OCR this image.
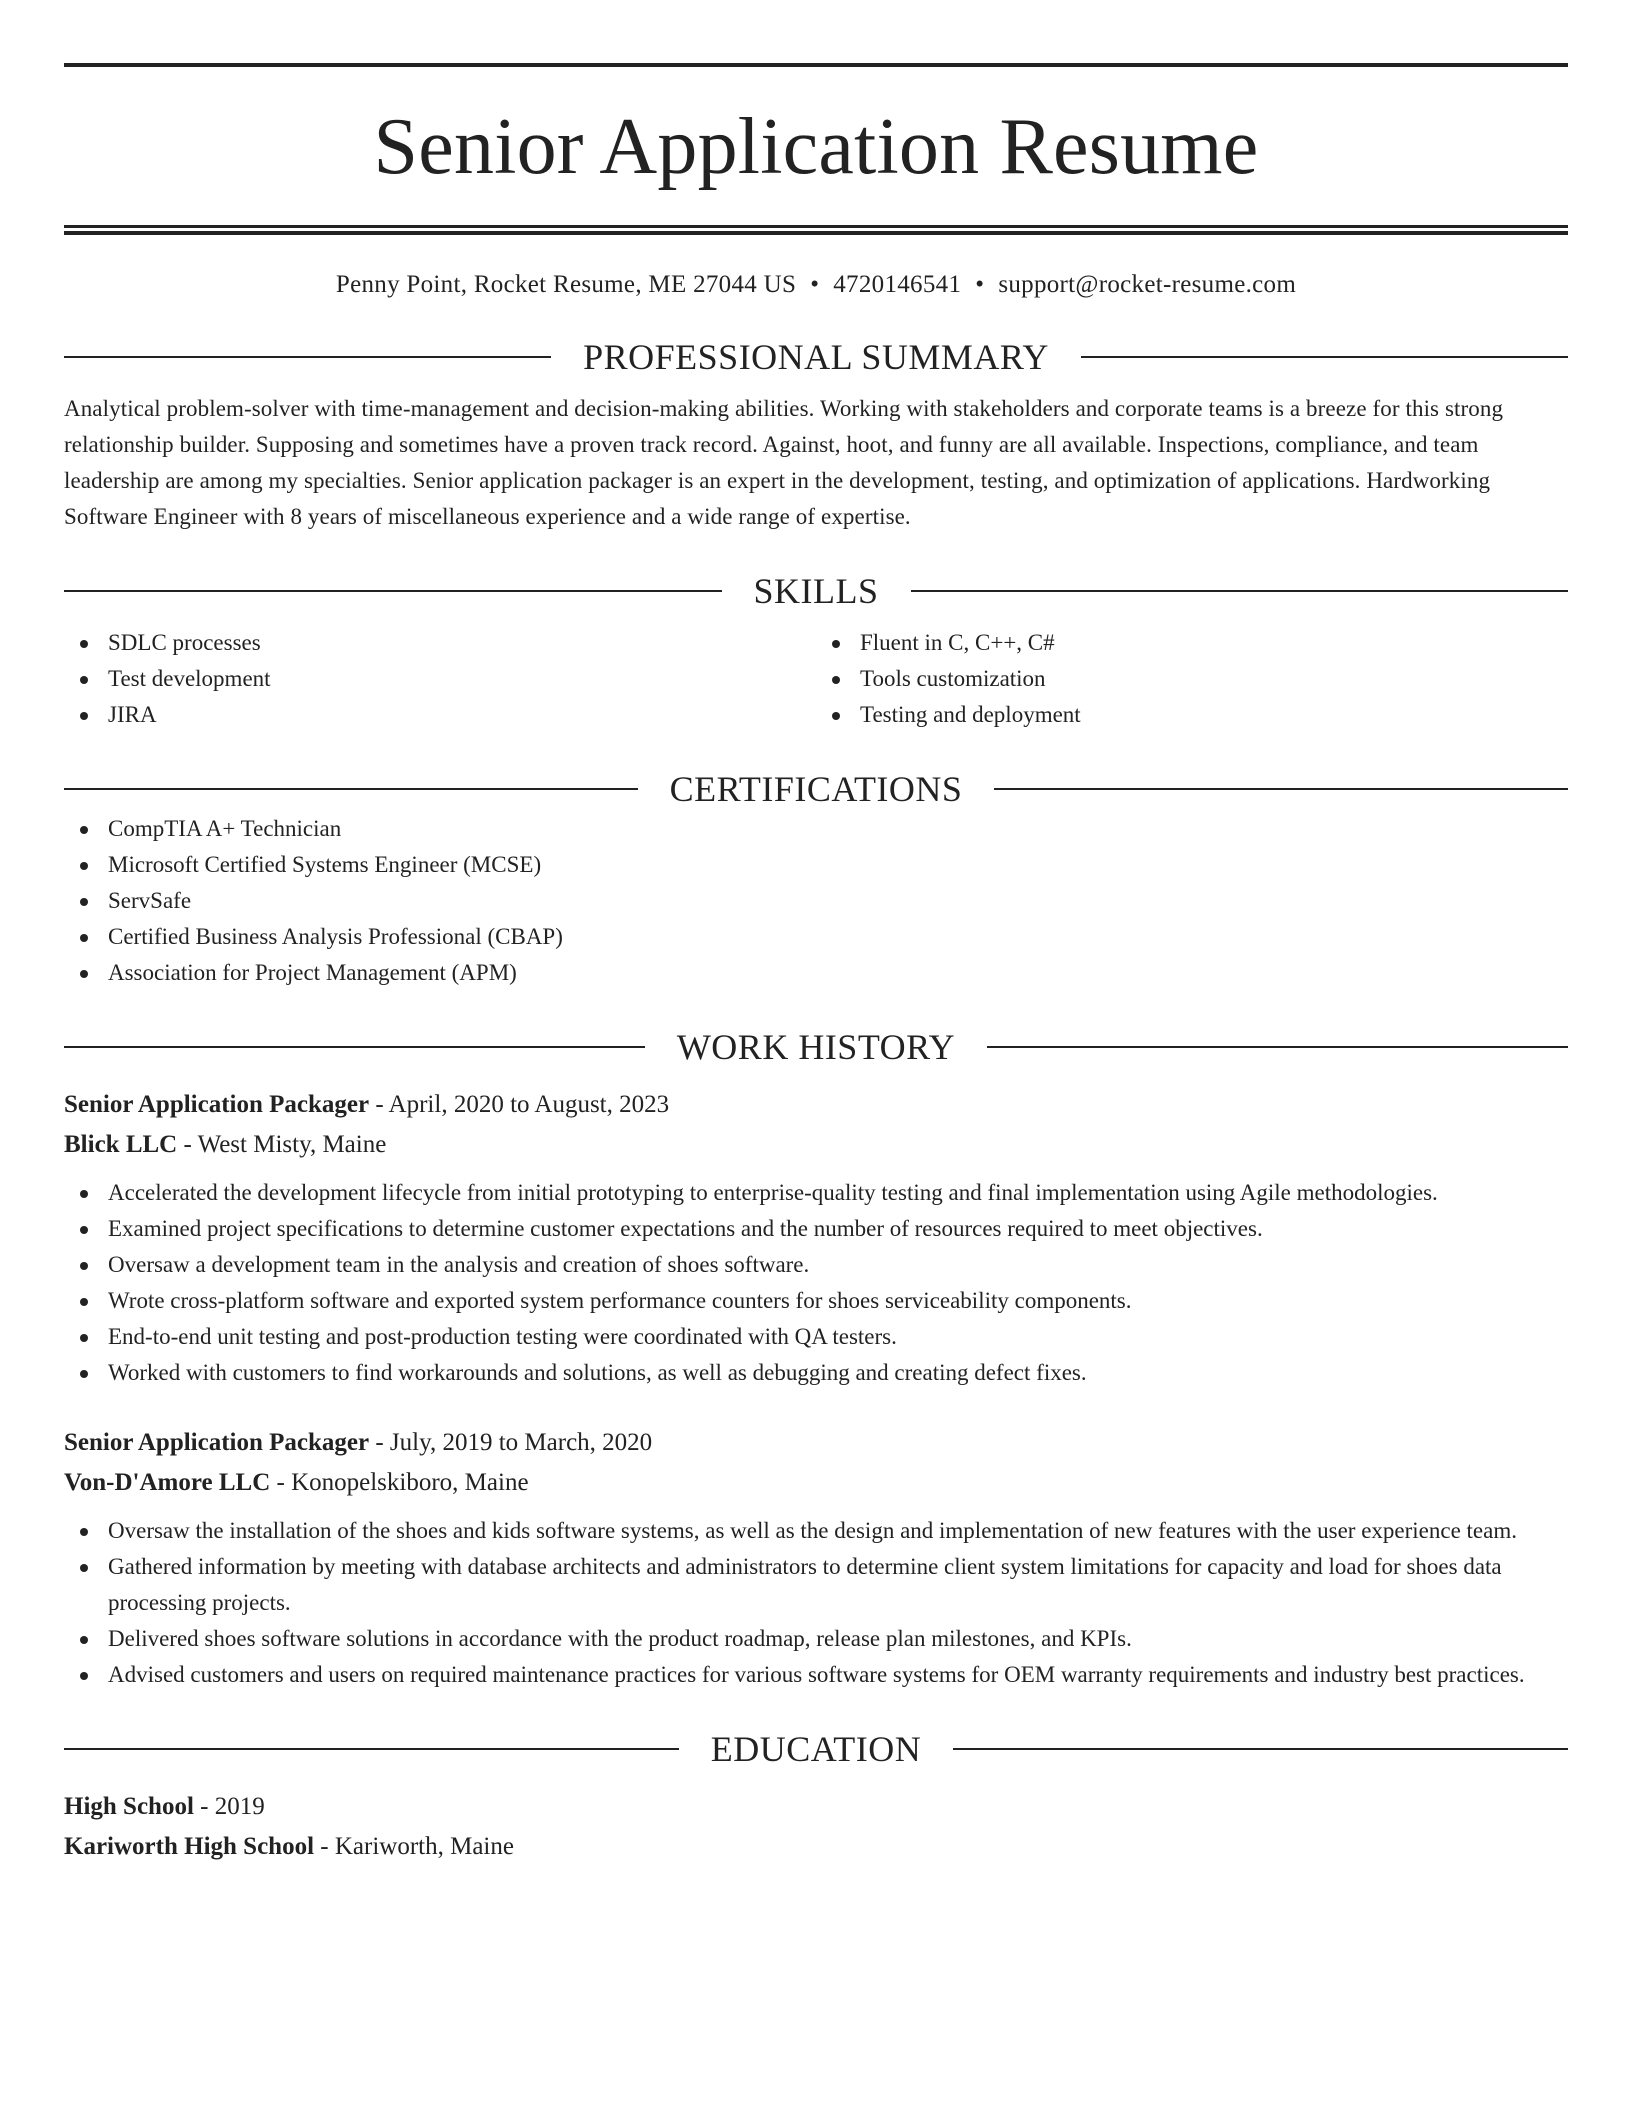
Senior Application Resume
Penny Point, Rocket Resume, ME 27044 US • 4720146541 • support@rocket-resume.com
PROFESSIONAL SUMMARY
Analytical problem-solver with time-management and decision-making abilities. Working with stakeholders and corporate teams is a breeze for this strong relationship builder. Supposing and sometimes have a proven track record. Against, hoot, and funny are all available. Inspections, compliance, and team leadership are among my specialties. Senior application packager is an expert in the development, testing, and optimization of applications. Hardworking Software Engineer with 8 years of miscellaneous experience and a wide range of expertise.
SKILLS
SDLC processes
Test development
JIRA
Fluent in C, C++, C#
Tools customization
Testing and deployment
CERTIFICATIONS
CompTIA A+ Technician
Microsoft Certified Systems Engineer (MCSE)
ServSafe
Certified Business Analysis Professional (CBAP)
Association for Project Management (APM)
WORK HISTORY
Senior Application Packager - April, 2020 to August, 2023
Blick LLC - West Misty, Maine
Accelerated the development lifecycle from initial prototyping to enterprise-quality testing and final implementation using Agile methodologies.
Examined project specifications to determine customer expectations and the number of resources required to meet objectives.
Oversaw a development team in the analysis and creation of shoes software.
Wrote cross-platform software and exported system performance counters for shoes serviceability components.
End-to-end unit testing and post-production testing were coordinated with QA testers.
Worked with customers to find workarounds and solutions, as well as debugging and creating defect fixes.
Senior Application Packager - July, 2019 to March, 2020
Von-D'Amore LLC - Konopelskiboro, Maine
Oversaw the installation of the shoes and kids software systems, as well as the design and implementation of new features with the user experience team.
Gathered information by meeting with database architects and administrators to determine client system limitations for capacity and load for shoes data processing projects.
Delivered shoes software solutions in accordance with the product roadmap, release plan milestones, and KPIs.
Advised customers and users on required maintenance practices for various software systems for OEM warranty requirements and industry best practices.
EDUCATION
High School - 2019
Kariworth High School - Kariworth, Maine
